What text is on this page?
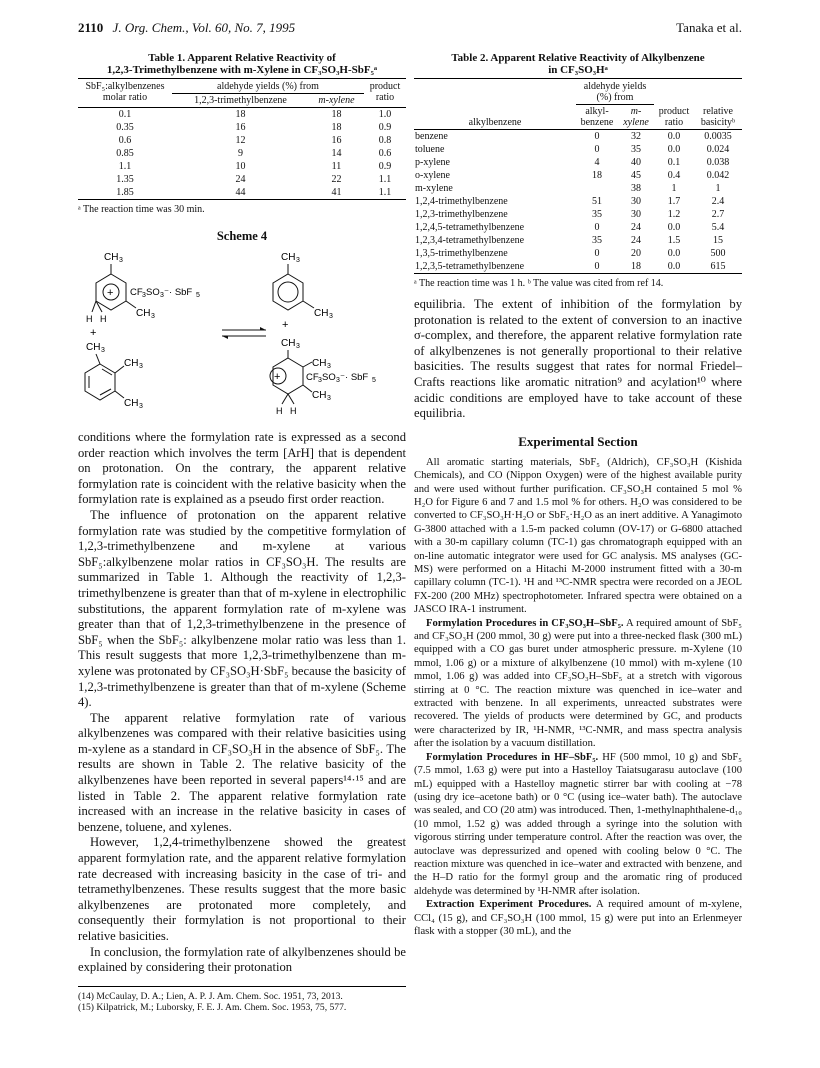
2110 J. Org. Chem., Vol. 60, No. 7, 1995	Tanaka et al.
Table 1. Apparent Relative Reactivity of
1,2,3-Trimethylbenzene with m-Xylene in CF₃SO₃H-SbF₅ᵃ
SbF₅:alkylbenzenes molar ratio	aldehyde yields (%) from		product ratio
	1,2,3-trimethylbenzene	m-xylene	
0.1	18	18	1.0
0.35	16	18	0.9
0.6	12	16	0.8
0.85	9	14	0.6
1.1	10	11	0.9
1.35	24	22	1.1
1.85	44	41	1.1
ᵃ The reaction time was 30 min.
Scheme 4
CH 3
+ CF 3 SO 3 ⁻· SbF 5
CH 3
H H
+
CH 3
CH 3
CH 3
CH 3
CH 3
+
CH 3
CH 3
+	CF 3 SO 3 ⁻· SbF 5
CH 3
H H

conditions where the formylation rate is expressed as a second order reaction which involves the term [ArH] that is dependent on protonation. On the contrary, the apparent relative formylation rate is coincident with the relative basicity when the formylation rate is explained as a pseudo first order reaction.

The influence of protonation on the apparent relative formylation rate was studied by the competitive formylation of 1,2,3-trimethylbenzene and m-xylene at various SbF₅:alkylbenzene molar ratios in CF₃SO₃H. The results are summarized in Table 1. Although the reactivity of 1,2,3-trimethylbenzene is greater than that of m-xylene in electrophilic substitutions, the apparent formylation rate of m-xylene was greater than that of 1,2,3-trimethylbenzene in the presence of SbF₅ when the SbF₅: alkylbenzene molar ratio was less than 1. This result suggests that more 1,2,3-trimethylbenzene than m-xylene was protonated by CF₃SO₃H·SbF₅ because the basicity of 1,2,3-trimethylbenzene is greater than that of m-xylene (Scheme 4).

The apparent relative formylation rate of various alkylbenzenes was compared with their relative basicities using m-xylene as a standard in CF₃SO₃H in the absence of SbF₅. The results are shown in Table 2. The relative basicity of the alkylbenzenes have been reported in several papers¹⁴·¹⁵ and are listed in Table 2. The apparent relative formylation rate increased with an increase in the relative basicity in cases of benzene, toluene, and xylenes.

However, 1,2,4-trimethylbenzene showed the greatest apparent formylation rate, and the apparent relative formylation rate decreased with increasing basicity in the case of tri- and tetramethylbenzenes. These results suggest that the more basic alkylbenzenes are protonated more completely, and consequently their formylation is not proportional to their relative basicities.

In conclusion, the formylation rate of alkylbenzenes should be explained by considering their protonation

(14) McCaulay, D. A.; Lien, A. P. J. Am. Chem. Soc. 1951, 73, 2013.
(15) Kilpatrick, M.; Luborsky, F. E. J. Am. Chem. Soc. 1953, 75, 577.
Table 2. Apparent Relative Reactivity of Alkylbenzene
in CF₃SO₃Hᵃ
alkylbenzene	aldehyde yields (%) from		product ratio	relative basicityᵇ
	alkyl-benzene	m-xylene		
benzene	0	32	0.0	0.0035
toluene	0	35	0.0	0.024
p-xylene	4	40	0.1	0.038
o-xylene	18	45	0.4	0.042
m-xylene		38	1	1
1,2,4-trimethylbenzene	51	30	1.7	2.4
1,2,3-trimethylbenzene	35	30	1.2	2.7
1,2,4,5-tetramethylbenzene	0	24	0.0	5.4
1,2,3,4-tetramethylbenzene	35	24	1.5	15
1,3,5-trimethylbenzene	0	20	0.0	500
1,2,3,5-tetramethylbenzene	0	18	0.0	615
ᵃ The reaction time was 1 h. ᵇ The value was cited from ref 14.
equilibria. The extent of inhibition of the formylation by protonation is related to the extent of conversion to an inactive σ-complex, and therefore, the apparent relative formylation rate of alkylbenzenes is not generally proportional to their relative basicities. The results suggest that rates for normal Friedel–Crafts reactions like aromatic nitration⁹ and acylation¹⁰ where acidic conditions are employed have to take account of these equilibria.
Experimental Section

All aromatic starting materials, SbF₅ (Aldrich), CF₃SO₃H (Kishida Chemicals), and CO (Nippon Oxygen) were of the highest available purity and were used without further purification. CF₃SO₃H contained 5 mol % H₂O for Figure 6 and 7 and 1.5 mol % for others. H₂O was considered to be converted to CF₃SO₃H·H₂O or SbF₅·H₂O as an inert additive. A Yanagimoto G-3800 attached with a 1.5-m packed column (OV-17) or G-6800 attached with a 30-m capillary column (TC-1) gas chromatograph equipped with an on-line automatic integrator were used for GC analysis. MS analyses (GC-MS) were performed on a Hitachi M-2000 instrument fitted with a 30-m capillary column (TC-1). ¹H and ¹³C-NMR spectra were recorded on a JEOL FX-200 (200 MHz) spectrophotometer. Infrared spectra were obtained on a JASCO IRA-1 instrument.

Formylation Procedures in CF₃SO₃H–SbF₅. A required amount of SbF₅ and CF₃SO₃H (200 mmol, 30 g) were put into a three-necked flask (300 mL) equipped with a CO gas buret under atmospheric pressure. m-Xylene (10 mmol, 1.06 g) or a mixture of alkylbenzene (10 mmol) with m-xylene (10 mmol, 1.06 g) was added into CF₃SO₃H–SbF₅ at a stretch with vigorous stirring at 0 °C. The reaction mixture was quenched in ice–water and extracted with benzene. In all experiments, unreacted substrates were recovered. The yields of products were determined by GC, and products were characterized by IR, ¹H-NMR, ¹³C-NMR, and mass spectra analysis after the isolation by a vacuum distillation.

Formylation Procedures in HF–SbF₅. HF (500 mmol, 10 g) and SbF₅ (7.5 mmol, 1.63 g) were put into a Hastelloy Taiatsugarasu autoclave (100 mL) equipped with a Hastelloy magnetic stirrer bar with cooling at −78 (using dry ice–acetone bath) or 0 °C (using ice–water bath). The autoclave was sealed, and CO (20 atm) was introduced. Then, 1-methylnaphthalene-d₁₀ (10 mmol, 1.52 g) was added through a syringe into the solution with vigorous stirring under temperature control. After the reaction was over, the autoclave was depressurized and opened with cooling below 0 °C. The reaction mixture was quenched in ice–water and extracted with benzene, and the H–D ratio for the formyl group and the aromatic ring of produced aldehyde was determined by ¹H-NMR after isolation.

Extraction Experiment Procedures. A required amount of m-xylene, CCl₄ (15 g), and CF₃SO₃H (100 mmol, 15 g) were put into an Erlenmeyer flask with a stopper (30 mL), and the
